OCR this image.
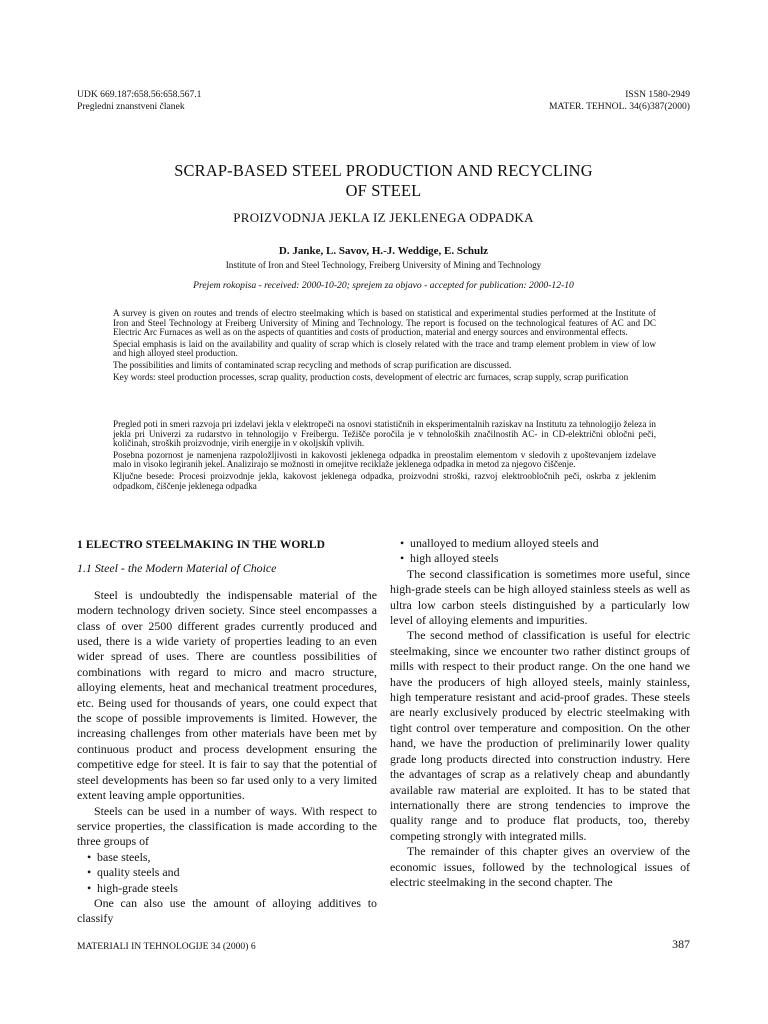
UDK 669.187:658.56:658.567.1
Pregledni znanstveni članek
ISSN 1580-2949
MATER. TEHNOL. 34(6)387(2000)
SCRAP-BASED STEEL PRODUCTION AND RECYCLING
OF STEEL
PROIZVODNJA JEKLA IZ JEKLENEGA ODPADKA
D. Janke, L. Savov, H.-J. Weddige, E. Schulz
Institute of Iron and Steel Technology, Freiberg University of Mining and Technology
Prejem rokopisa - received: 2000-10-20; sprejem za objavo - accepted for publication: 2000-12-10

A survey is given on routes and trends of electro steelmaking which is based on statistical and experimental studies performed at the Institute of Iron and Steel Technology at Freiberg University of Mining and Technology. The report is focused on the technological features of AC and DC Electric Arc Furnaces as well as on the aspects of quantities and costs of production, material and energy sources and environmental effects.

Special emphasis is laid on the availability and quality of scrap which is closely related with the trace and tramp element problem in view of low and high alloyed steel production.

The possibilities and limits of contaminated scrap recycling and methods of scrap purification are discussed.

Key words: steel production processes, scrap quality, production costs, development of electric arc furnaces, scrap supply, scrap purification

Pregled poti in smeri razvoja pri izdelavi jekla v elektropeči na osnovi statističnih in eksperimentalnih raziskav na Institutu za tehnologijo železa in jekla pri Univerzi za rudarstvo in tehnologijo v Freibergu. Težišče poročila je v tehnoloških značilnostih AC- in CD-električni obločni peči, količinah, stroških proizvodnje, virih energije in v okoljskih vplivih.

Posebna pozornost je namenjena razpoložljivosti in kakovosti jeklenega odpadka in preostalim elementom v sledovih z upoštevanjem izdelave malo in visoko legiranih jekel. Analizirajo se možnosti in omejitve reciklaže jeklenega odpadka in metod za njegovo čiščenje.

Ključne besede: Procesi proizvodnje jekla, kakovost jeklenega odpadka, proizvodni stroški, razvoj elektroobločnih peči, oskrba z jeklenim odpadkom, čiščenje jeklenega odpadka

1 ELECTRO STEELMAKING IN THE WORLD
1.1 Steel - the Modern Material of Choice

Steel is undoubtedly the indispensable material of the modern technology driven society. Since steel encompasses a class of over 2500 different grades currently produced and used, there is a wide variety of properties leading to an even wider spread of uses. There are countless possibilities of combinations with regard to micro and macro structure, alloying elements, heat and mechanical treatment procedures, etc. Being used for thousands of years, one could expect that the scope of possible improvements is limited. However, the increasing challenges from other materials have been met by continuous product and process development ensuring the competitive edge for steel. It is fair to say that the potential of steel developments has been so far used only to a very limited extent leaving ample opportunities.

Steels can be used in a number of ways. With respect to service properties, the classification is made according to the three groups of

• base steels,
• quality steels and
• high-grade steels

One can also use the amount of alloying additives to classify

• unalloyed to medium alloyed steels and
• high alloyed steels

The second classification is sometimes more useful, since high-grade steels can be high alloyed stainless steels as well as ultra low carbon steels distinguished by a particularly low level of alloying elements and impurities.

The second method of classification is useful for electric steelmaking, since we encounter two rather distinct groups of mills with respect to their product range. On the one hand we have the producers of high alloyed steels, mainly stainless, high temperature resistant and acid-proof grades. These steels are nearly exclusively produced by electric steelmaking with tight control over temperature and composition. On the other hand, we have the production of preliminarily lower quality grade long products directed into construction industry. Here the advantages of scrap as a relatively cheap and abundantly available raw material are exploited. It has to be stated that internationally there are strong tendencies to improve the quality range and to produce flat products, too, thereby competing strongly with integrated mills.

The remainder of this chapter gives an overview of the economic issues, followed by the technological issues of electric steelmaking in the second chapter. The

MATERIALI IN TEHNOLOGIJE 34 (2000) 6	387
